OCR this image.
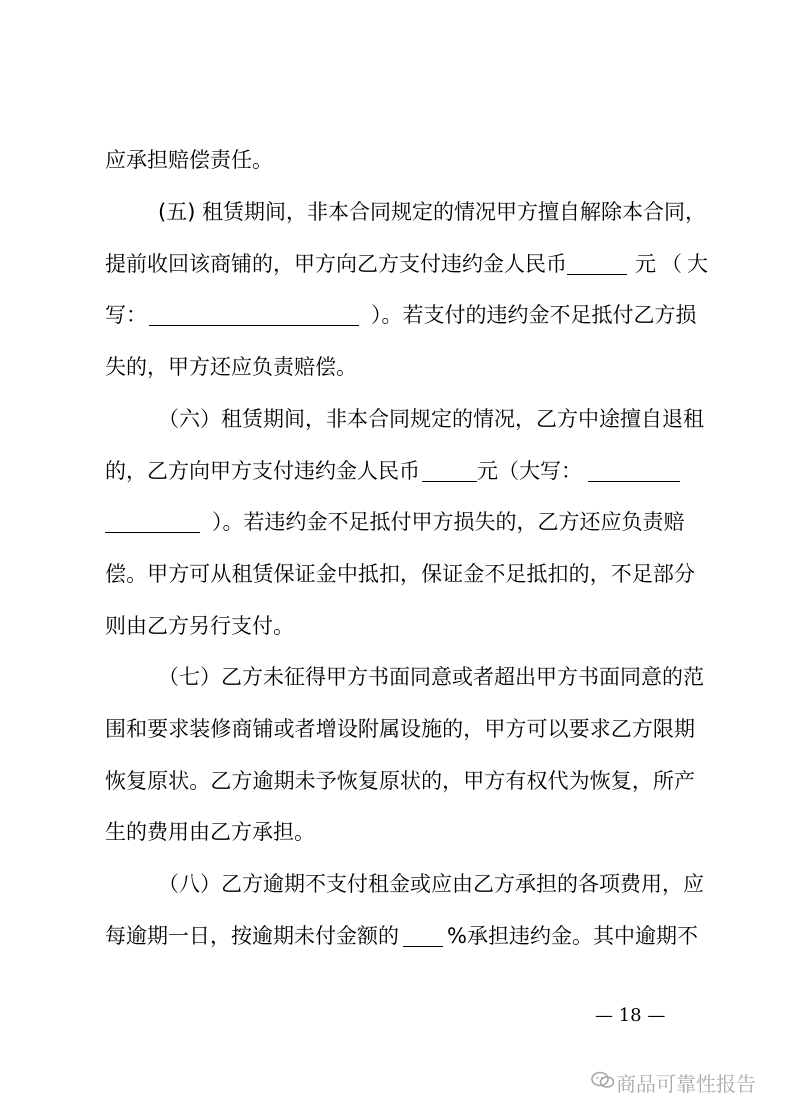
应承担赔偿责任。
(五) 租赁期间，非本合同规定的情况甲方擅自解除本合同，
提前收回该商铺的，甲方向乙方支付违约金人民币	元（大
写：	）。若支付的违约金不足抵付乙方损
失的，甲方还应负责赔偿。
（六）租赁期间，非本合同规定的情况，乙方中途擅自退租
的，乙方向甲方支付违约金人民币	元（大写：
）。若违约金不足抵付甲方损失的，乙方还应负责赔
偿。甲方可从租赁保证金中抵扣，保证金不足抵扣的，不足部分
则由乙方另行支付。
（七）乙方未征得甲方书面同意或者超出甲方书面同意的范
围和要求装修商铺或者增设附属设施的，甲方可以要求乙方限期
恢复原状。乙方逾期未予恢复原状的，甲方有权代为恢复，所产
生的费用由乙方承担。
（八）乙方逾期不支付租金或应由乙方承担的各项费用，应
每逾期一日，按逾期未付金额的 %承担违约金。其中逾期不
— 18 —
商品可靠性报告
